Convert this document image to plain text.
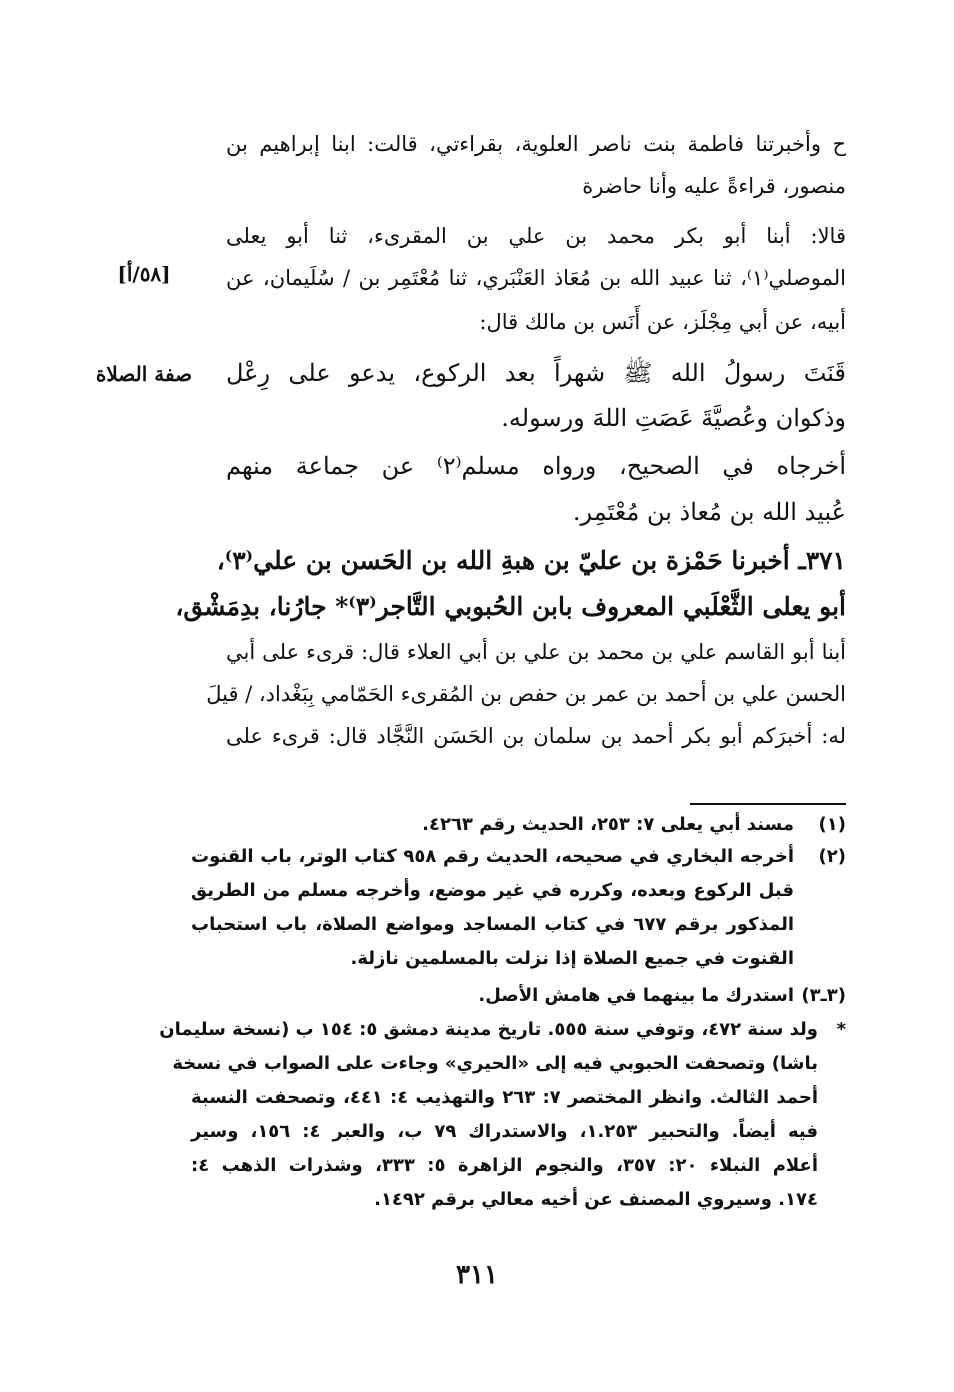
[٥٨/أ]
صفة الصلاة
ح وأخبرتنا فاطمة بنت ناصر العلوية، بقراءتي، قالت: ابنا إبراهيم بن
منصور، قراءةً عليه وأنا حاضرة
قالا: أبنا أبو بكر محمد بن علي بن المقرىء، ثنا أبو يعلى
الموصلي⁽١⁾، ثنا عبيد الله بن مُعَاذ العَنْبَري، ثنا مُعْتَمِر بن / سُلَيمان، عن
أبيه، عن أبي مِجْلَز، عن أَنَس بن مالك قال:
قَنَتَ رسولُ الله ﷺ شهراً بعد الركوع، يدعو على رِعْل
وذكوان وعُصيَّةَ عَصَتِ اللهَ ورسوله.
أخرجاه في الصحيح، ورواه مسلم⁽٢⁾ عن جماعة منهم
عُبيد الله بن مُعاذ بن مُعْتَمِر.
٣٧١ـ أخبرنا حَمْزة بن عليّ بن هبةِ الله بن الحَسن بن علي⁽٣⁾،
أبو يعلى الثَّعْلَبي المعروف بابن الحُبوبي التَّاجر⁽٣⁾* جارُنا، بدِمَشْق،
أبنا أبو القاسم علي بن محمد بن علي بن أبي العلاء قال: قرىء على أبي
الحسن علي بن أحمد بن عمر بن حفص بن المُقرىء الحَمّامي بِبَغْداد، / قيلَ
له: أخبرَكم أبو بكر أحمد بن سلمان بن الحَسَن النَّجَّاد قال: قرىء على
(١)
مسند أبي يعلى ٧: ٢٥٣، الحديث رقم ٤٢٦٣.
(٢)
أخرجه البخاري في صحيحه، الحديث رقم ٩٥٨ كتاب الوتر، باب القنوت
قبل الركوع وبعده، وكرره في غير موضع، وأخرجه مسلم من الطريق
المذكور برقم ٦٧٧ في كتاب المساجد ومواضع الصلاة، باب استحباب
القنوت في جميع الصلاة إذا نزلت بالمسلمين نازلة.
(٣ـ٣)
استدرك ما بينهما في هامش الأصل.
*
ولد سنة ٤٧٢، وتوفي سنة ٥٥٥. تاريخ مدينة دمشق ٥: ١٥٤ ب (نسخة سليمان
باشا) وتصحفت الحبوبي فيه إلى «الحيري» وجاءت على الصواب في نسخة
أحمد الثالث. وانظر المختصر ٧: ٢٦٣ والتهذيب ٤: ٤٤١، وتصحفت النسبة
فيه أيضاً. والتحبير ١.٢٥٣، والاستدراك ٧٩ ب، والعبر ٤: ١٥٦، وسير
أعلام النبلاء ٢٠: ٣٥٧، والنجوم الزاهرة ٥: ٣٣٣، وشذرات الذهب ٤:
١٧٤. وسيروي المصنف عن أخيه معالي برقم ١٤٩٢.
٣١١
